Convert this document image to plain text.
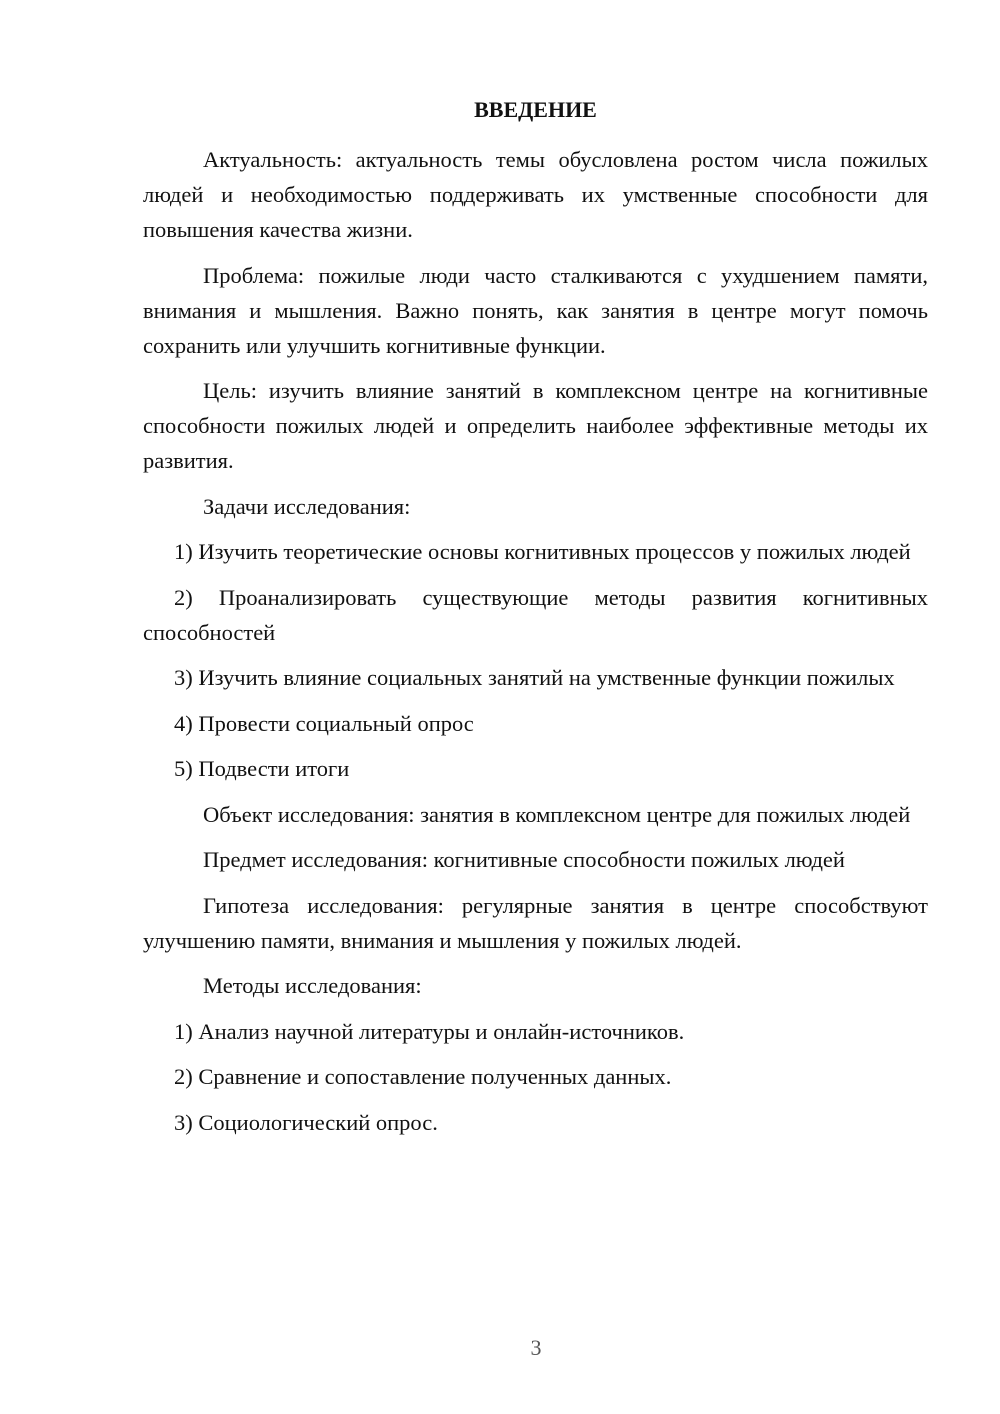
ВВЕДЕНИЕ

Актуальность: актуальность темы обусловлена ростом числа пожилых людей и необходимостью поддерживать их умственные способности для повышения качества жизни.

Проблема: пожилые люди часто сталкиваются с ухудшением памяти, внимания и мышления. Важно понять, как занятия в центре могут помочь сохранить или улучшить когнитивные функции.

Цель: изучить влияние занятий в комплексном центре на когнитивные способности пожилых людей и определить наиболее эффективные методы их развития.

Задачи исследования:

1) Изучить теоретические основы когнитивных процессов у пожилых людей

2) Проанализировать существующие методы развития когнитивных способностей

3) Изучить влияние социальных занятий на умственные функции пожилых

4) Провести социальный опрос

5) Подвести итоги

Объект исследования: занятия в комплексном центре для пожилых людей

Предмет исследования: когнитивные способности пожилых людей

Гипотеза исследования: регулярные занятия в центре способствуют улучшению памяти, внимания и мышления у пожилых людей.

Методы исследования:

1) Анализ научной литературы и онлайн-источников.

2) Сравнение и сопоставление полученных данных.

3) Социологический опрос.

3
